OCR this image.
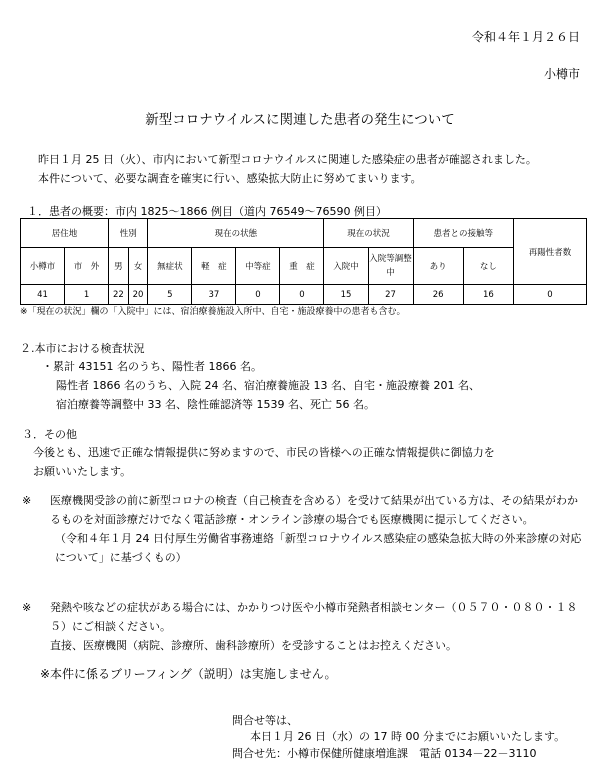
令和４年１月２６日
小樽市
新型コロナウイルスに関連した患者の発生について
昨日１月 25 日（火）、市内において新型コロナウイルスに関連した感染症の患者が確認されました。
本件について、必要な調査を確実に行い、感染拡大防止に努めてまいります。
１．患者の概要：市内 1825～1866 例目（道内 76549～76590 例目）
居住地		性別		現在の状態				現在の状況		患者との接触等		再陽性者数
小樽市	市　外	男	女	無症状	軽　症	中等症	重　症	入院中	入院等調整中	あり	なし	
41	1	22	20	5	37	0	0	15	27	26	16	0
※「現在の状況」欄の「入院中」には、宿泊療養施設入所中、自宅・施設療養中の患者も含む。
２.本市における検査状況
・累計 43151 名のうち、陽性者 1866 名。
陽性者 1866 名のうち、入院 24 名、宿泊療養施設 13 名、自宅・施設療養 201 名、
宿泊療養等調整中 33 名、陰性確認済等 1539 名、死亡 56 名。
３．その他
今後とも、迅速で正確な情報提供に努めますので、市民の皆様への正確な情報提供に御協力を
お願いいたします。
※ 医療機関受診の前に新型コロナの検査（自己検査を含める）を受けて結果が出ている方は、その結果がわかるものを対面診療だけでなく電話診療・オンライン診療の場合でも医療機関に提示してください。
（令和４年１月 24 日付厚生労働省事務連絡「新型コロナウイルス感染症の感染急拡大時の外来診療の対応について」に基づくもの）
※ 発熱や咳などの症状がある場合には、かかりつけ医や小樽市発熱者相談センター（０５７０・０８０・１８５）にご相談ください。
直接、医療機関（病院、診療所、歯科診療所）を受診することはお控えください。
※本件に係るブリーフィング（説明）は実施しません。
問合せ等は、
本日１月 26 日（水）の 17 時 00 分までにお願いいたします。
問合せ先：小樽市保健所健康増進課　電話 0134－22－3110
